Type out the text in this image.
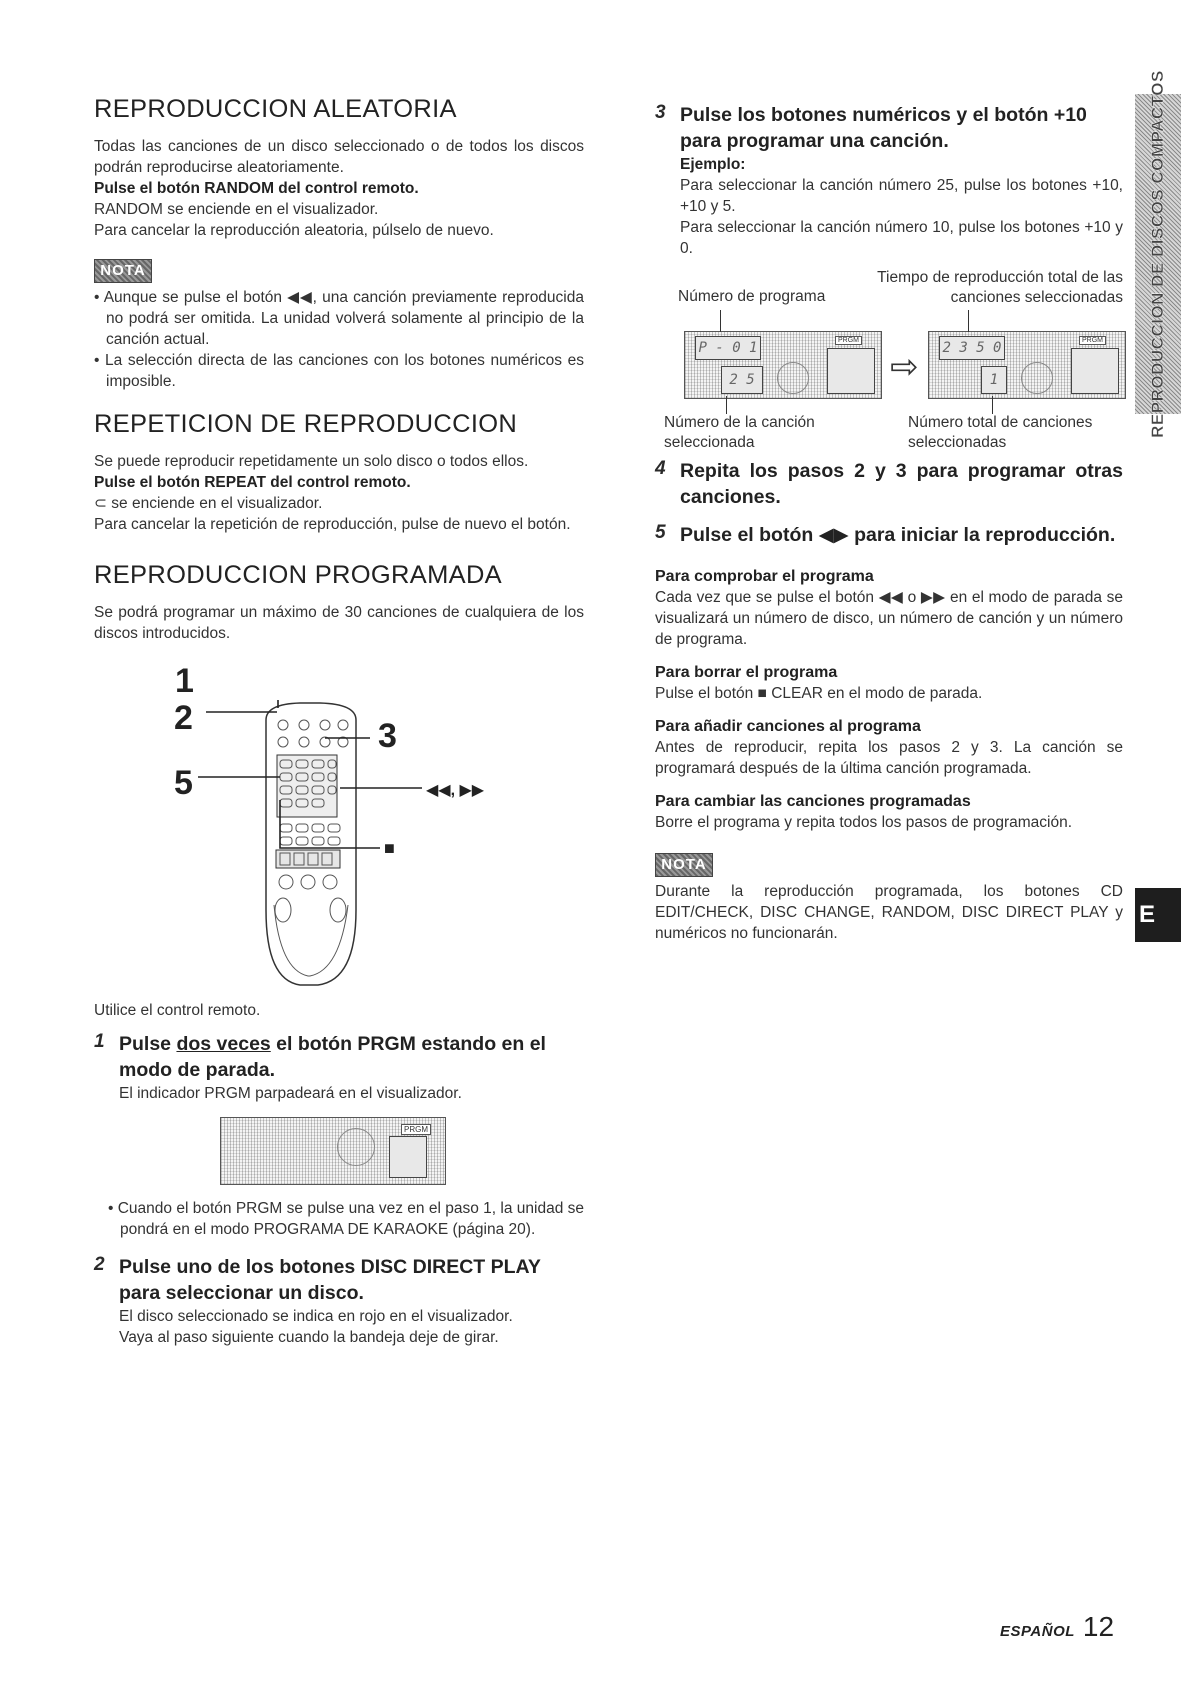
REPRODUCCION ALEATORIA

Todas las canciones de un disco seleccionado o de todos los discos podrán reproducirse aleatoriamente.

Pulse el botón RANDOM del control remoto.

RANDOM se enciende en el visualizador.

Para cancelar la reproducción aleatoria, púlselo de nuevo.

NOTA

• Aunque se pulse el botón ◀◀, una canción previamente reproducida no podrá ser omitida. La unidad volverá solamente al principio de la canción actual.

• La selección directa de las canciones con los botones numéricos es imposible.

REPETICION DE REPRODUCCION

Se puede reproducir repetidamente un solo disco o todos ellos.

Pulse el botón REPEAT del control remoto.

⊂ se enciende en el visualizador.

Para cancelar la repetición de reproducción, pulse de nuevo el botón.

REPRODUCCION PROGRAMADA

Se podrá programar un máximo de 30 canciones de cualquiera de los discos introducidos.

1
2	3
5	◀◀, ▶▶
■

Utilice el control remoto.

1 Pulse dos veces el botón PRGM estando en el modo de parada.

El indicador PRGM parpadeará en el visualizador.

PRGM

• Cuando el botón PRGM se pulse una vez en el paso 1, la unidad se pondrá en el modo PROGRAMA DE KARAOKE (página 20).

2 Pulse uno de los botones DISC DIRECT PLAY para seleccionar un disco.

El disco seleccionado se indica en rojo en el visualizador.

Vaya al paso siguiente cuando la bandeja deje de girar.

3 Pulse los botones numéricos y el botón +10 para programar una canción.

Ejemplo:

Para seleccionar la canción número 25, pulse los botones +10, +10 y 5.

Para seleccionar la canción número 10, pulse los botones +10 y 0.

Número de programa
Tiempo de reproducción total de las canciones seleccionadas
P - 0 1
2 5
PRGM
⇨ 2 3 5 0
1
PRGM
Número de la canción seleccionada
Número total de canciones seleccionadas
4 Repita los pasos 2 y 3 para programar otras canciones.
5 Pulse el botón ◀▶ para iniciar la reproducción.
Para comprobar el programa

Cada vez que se pulse el botón ◀◀ o ▶▶ en el modo de parada se visualizará un número de disco, un número de canción y un número de programa.

Para borrar el programa

Pulse el botón ■ CLEAR en el modo de parada.

Para añadir canciones al programa

Antes de reproducir, repita los pasos 2 y 3. La canción se programará después de la última canción programada.

Para cambiar las canciones programadas

Borre el programa y repita todos los pasos de programación.

NOTA

Durante la reproducción programada, los botones CD EDIT/CHECK, DISC CHANGE, RANDOM, DISC DIRECT PLAY y numéricos no funcionarán.

REPRODUCCION DE DISCOS COMPACTOS
E
ESPAÑOL 12
